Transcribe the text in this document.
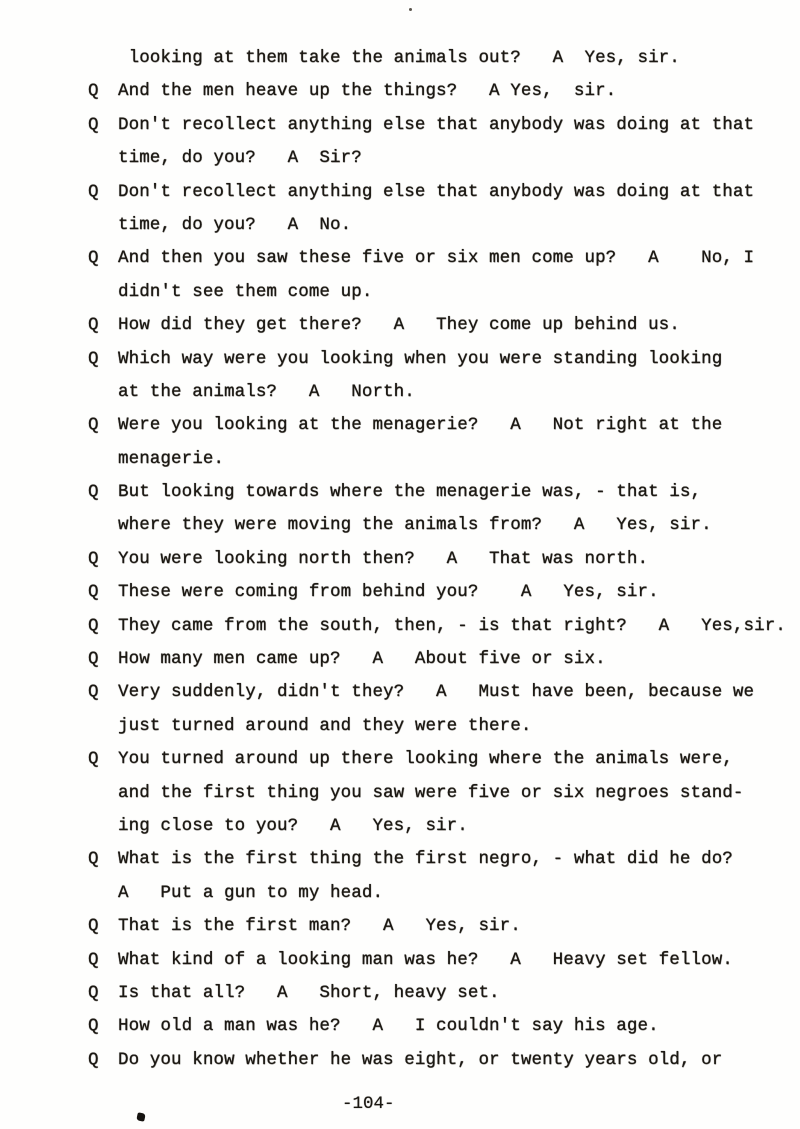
looking at them take the animals out?   A  Yes, sir.
Q	And the men heave up the things?   A Yes,  sir.
Q	Don't recollect anything else that anybody was doing at that
time, do you?   A  Sir?
Q	Don't recollect anything else that anybody was doing at that
time, do you?   A  No.
Q	And then you saw these five or six men come up?   A    No, I
didn't see them come up.
Q	How did they get there?   A   They come up behind us.
Q	Which way were you looking when you were standing looking
at the animals?   A   North.
Q	Were you looking at the menagerie?   A   Not right at the
menagerie.
Q	But looking towards where the menagerie was, - that is,
where they were moving the animals from?   A   Yes, sir.
Q	You were looking north then?   A   That was north.
Q	These were coming from behind you?    A   Yes, sir.
Q	They came from the south, then, - is that right?   A   Yes,sir.
Q	How many men came up?   A   About five or six.
Q	Very suddenly, didn't they?   A   Must have been, because we
just turned around and they were there.
Q	You turned around up there looking where the animals were,
and the first thing you saw were five or six negroes stand-
ing close to you?   A   Yes, sir.
Q	What is the first thing the first negro, - what did he do?
A   Put a gun to my head.
Q	That is the first man?   A   Yes, sir.
Q	What kind of a looking man was he?   A   Heavy set fellow.
Q	Is that all?   A   Short, heavy set.
Q	How old a man was he?   A   I couldn't say his age.
Q	Do you know whether he was eight, or twenty years old, or
-104-
